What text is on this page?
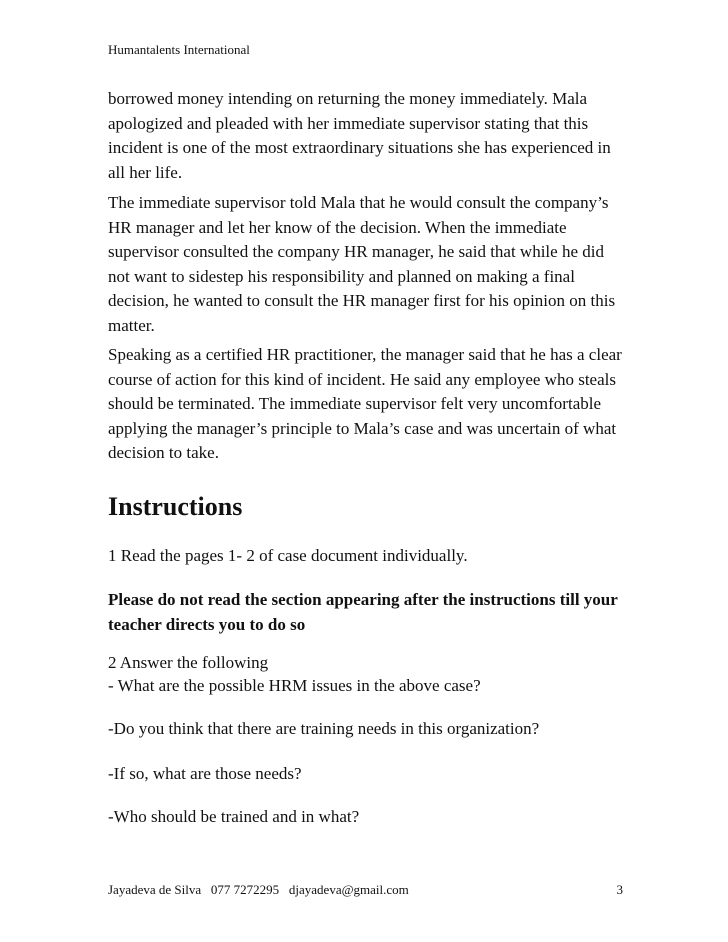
Humantalents International

borrowed money intending on returning the money immediately. Mala apologized and pleaded with her immediate supervisor stating that this incident is one of the most extraordinary situations she has experienced in all her life.

The immediate supervisor told Mala that he would consult the company’s HR manager and let her know of the decision. When the immediate supervisor consulted the company HR manager, he said that while he did not want to sidestep his responsibility and planned on making a final decision, he wanted to consult the HR manager first for his opinion on this matter.

Speaking as a certified HR practitioner, the manager said that he has a clear course of action for this kind of incident. He said any employee who steals should be terminated. The immediate supervisor felt very uncomfortable applying the manager’s principle to Mala’s case and was uncertain of what decision to take.

Instructions

1 Read the pages 1- 2 of case document individually.

Please do not read the section appearing after the instructions till your teacher directs you to do so

2 Answer the following

- What are the possible HRM issues in the above case?

-Do you think that there are training needs in this organization?

-If so, what are those needs?

-Who should be trained and in what?

Jayadeva de Silva 077 7272295 djayadeva@gmail.com	3
